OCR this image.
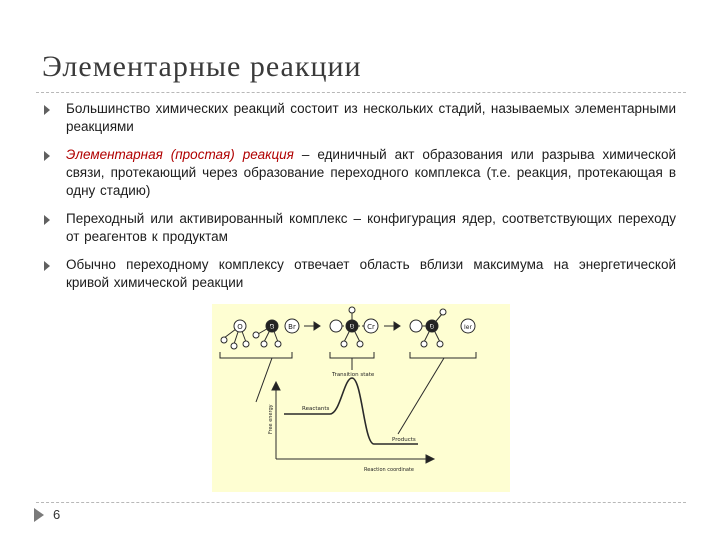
Элементарные реакции
Большинство химических реакций состоит из нескольких стадий, называемых элементарными реакциями
Элементарная (простая) реакция – единичный акт образования или разрыва химической связи, протекающий через образование переходного комплекса (т.е. реакция, протекающая в одну стадию)
Переходный или активированный комплекс – конфигурация ядер, соответствующих переходу от реагентов к продуктам
Обычно переходному комплексу отвечает область вблизи максимума на энергетической кривой химической реакции
O	B Br	B Cr	B	Ier
Transition state
Reactants
Products
Free energy
Reaction coordinate
6
